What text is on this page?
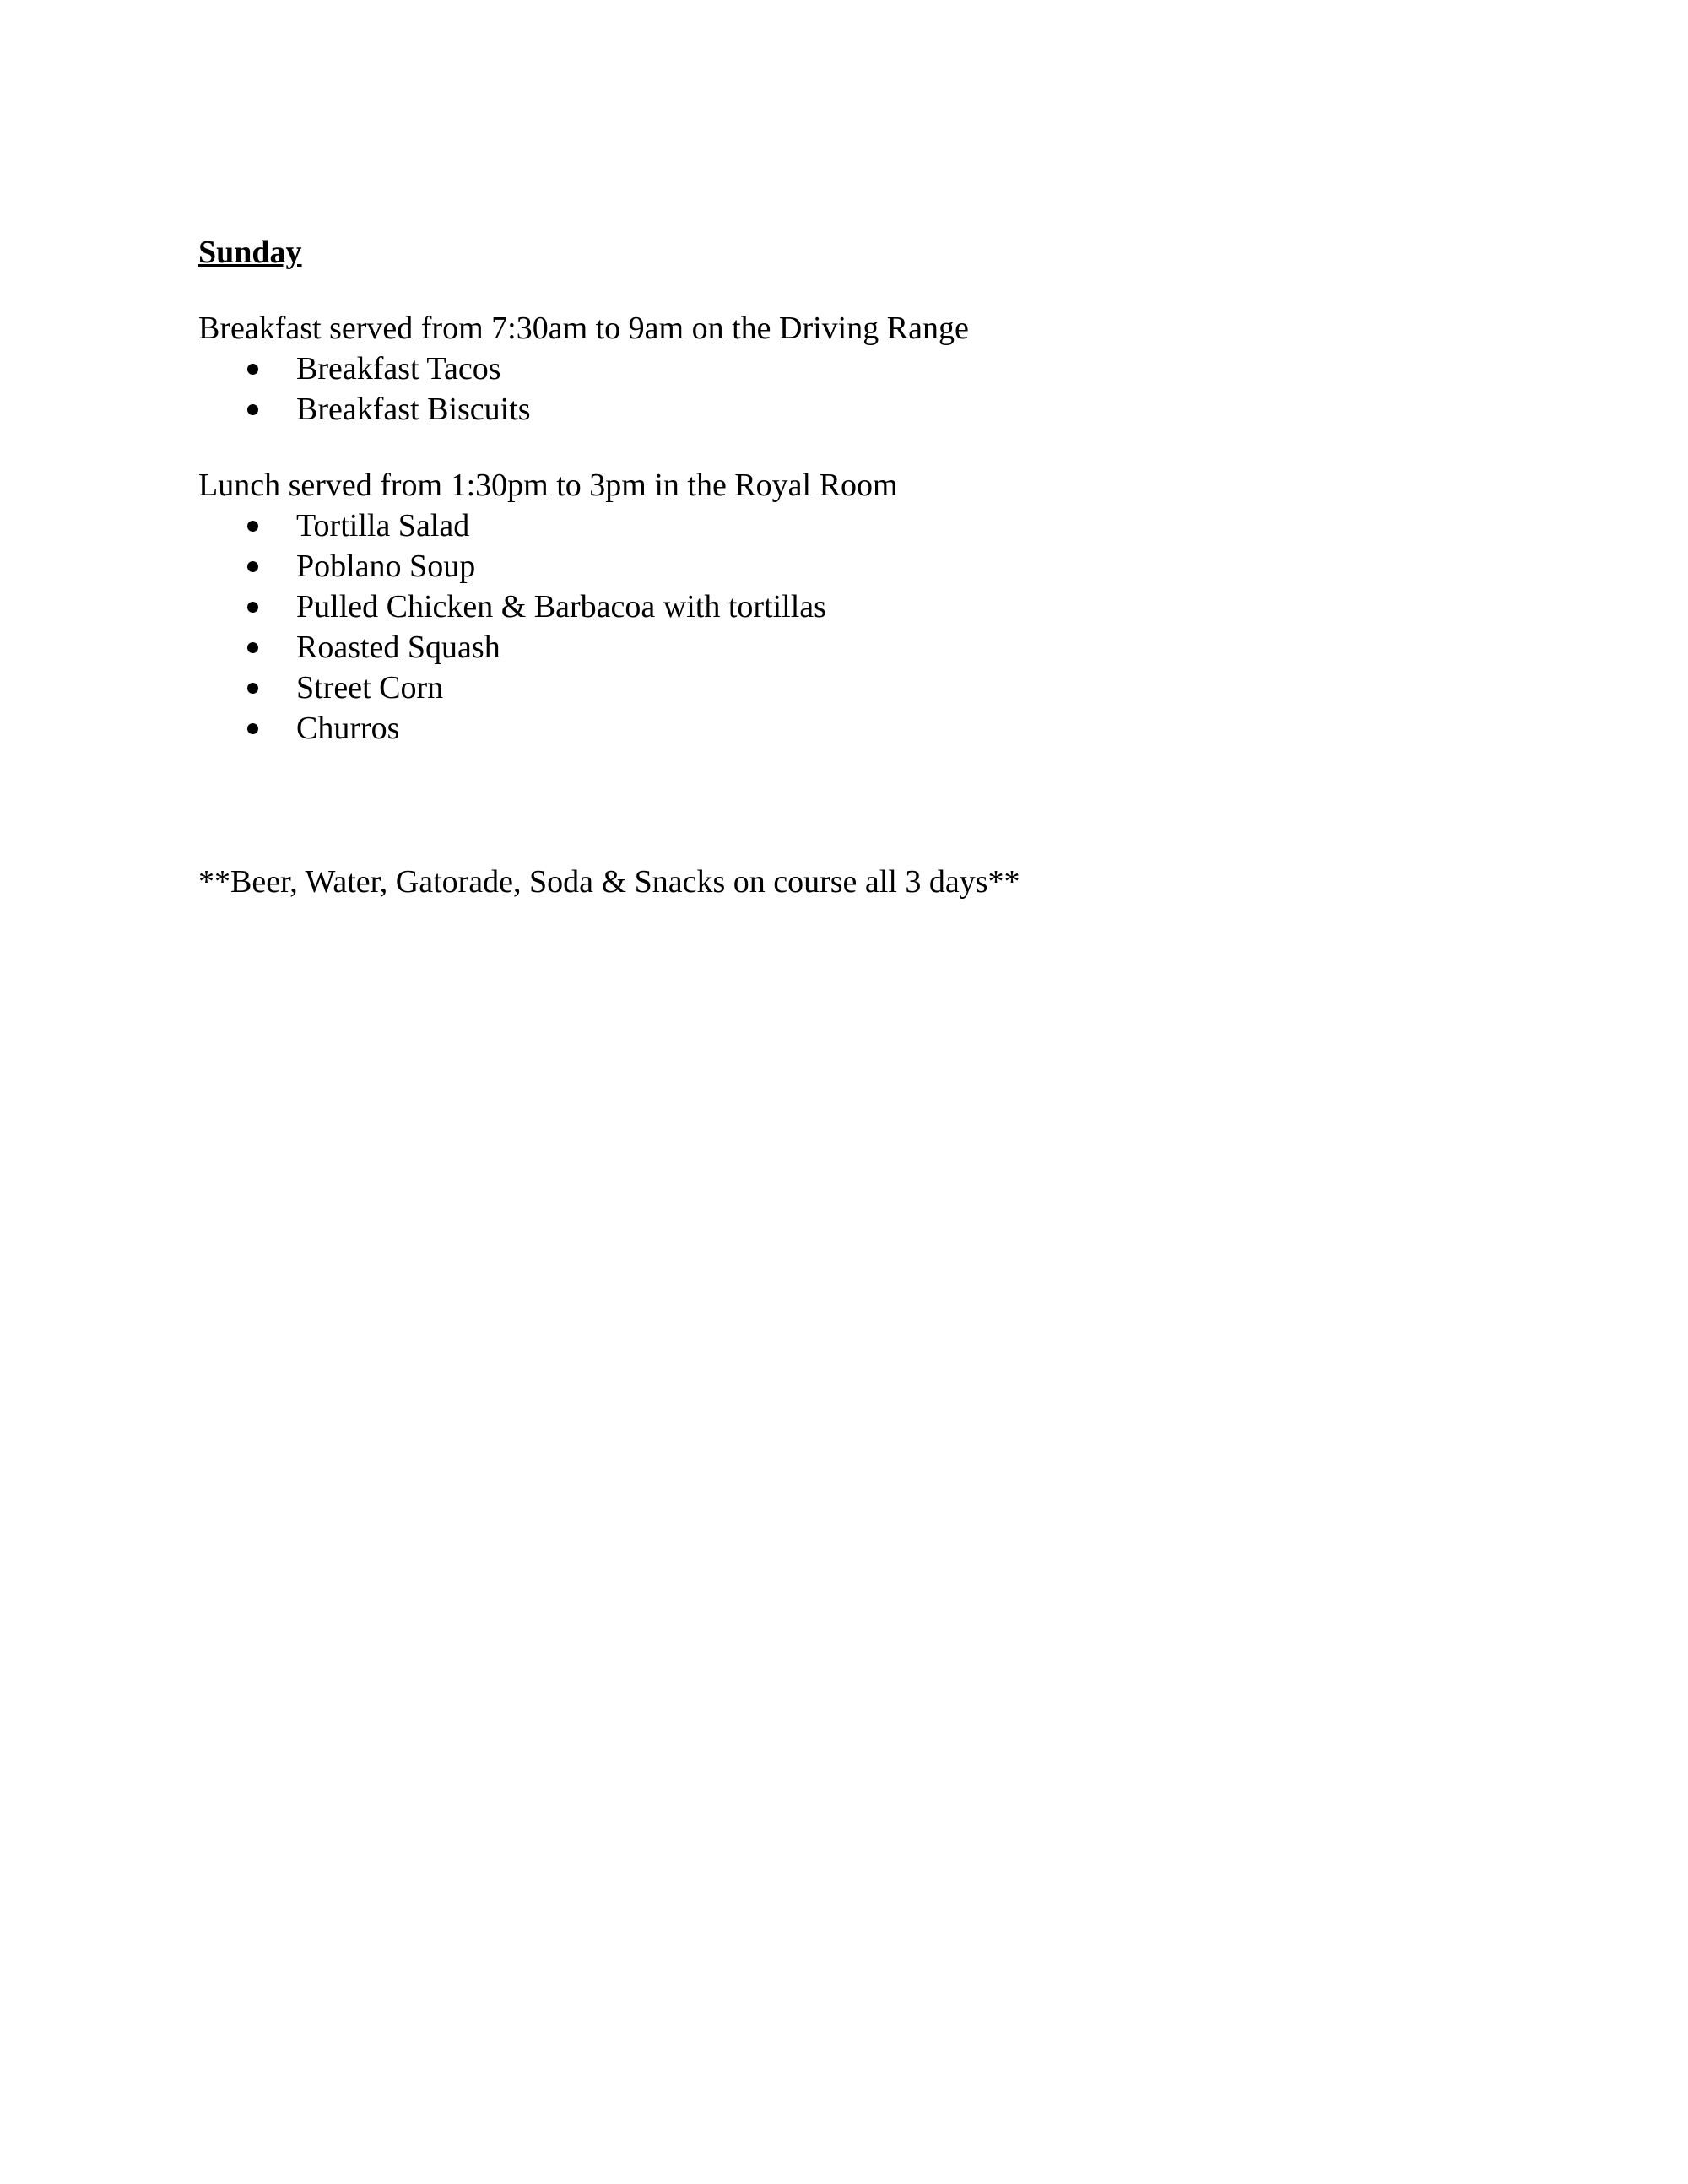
Sunday

Breakfast served from 7:30am to 9am on the Driving Range

Breakfast Tacos
Breakfast Biscuits

Lunch served from 1:30pm to 3pm in the Royal Room

Tortilla Salad
Poblano Soup
Pulled Chicken & Barbacoa with tortillas
Roasted Squash
Street Corn
Churros

**Beer, Water, Gatorade, Soda & Snacks on course all 3 days**
